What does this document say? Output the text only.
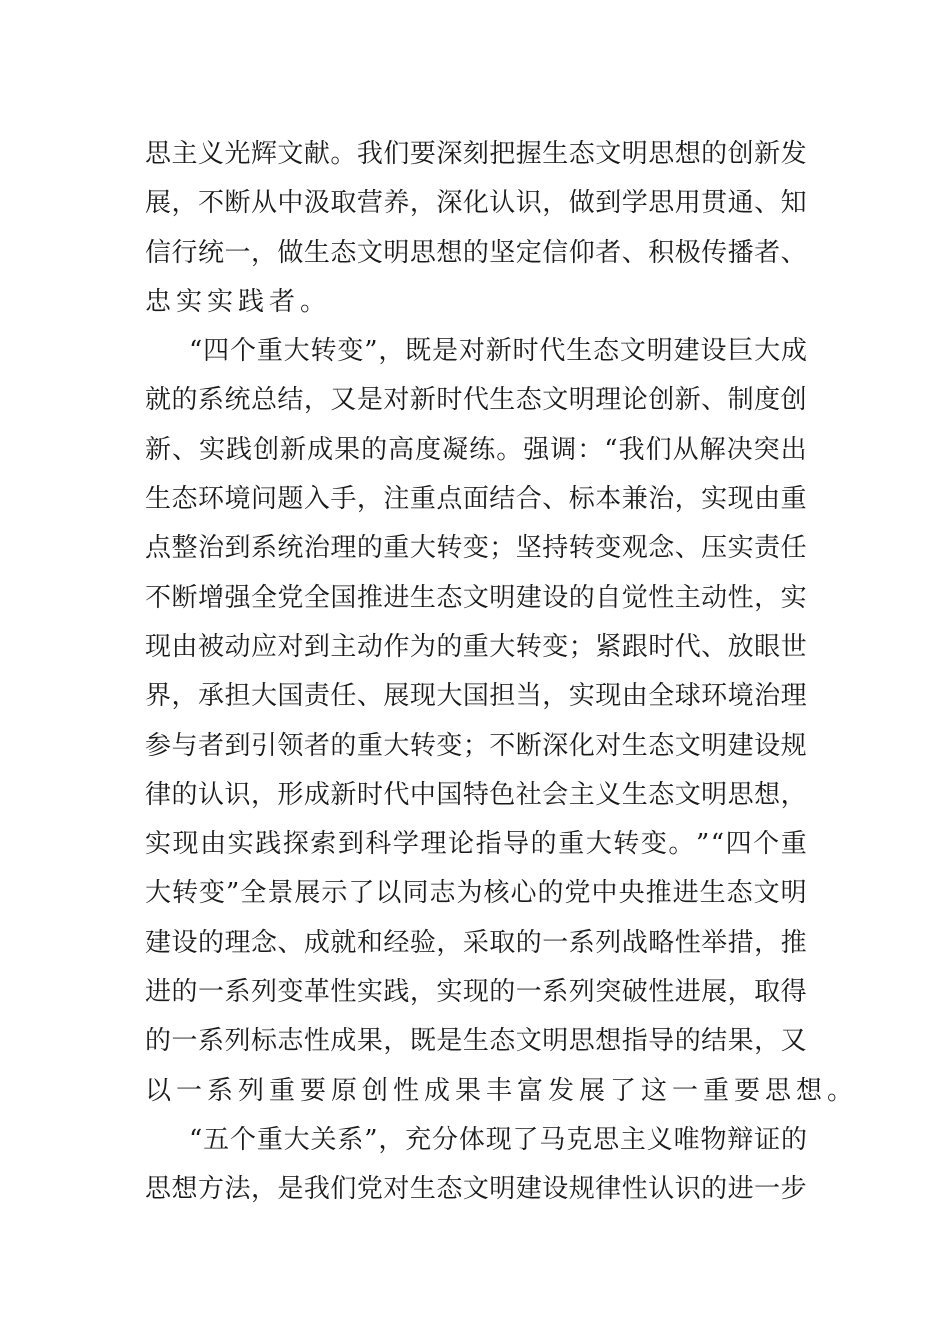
思 主 义 光 辉 文 献 。 我 们 要 深 刻 把 握 生 态 文 明 思 想 的 创 新 发
展 ， 不 断 从 中 汲 取 营 养 ， 深 化 认 识 ， 做 到 学 思 用 贯 通 、 知
信 行 统 一 ， 做 生 态 文 明 思 想 的 坚 定 信 仰 者 、 积 极 传 播 者 、
忠实实践者。
“ 四 个 重 大 转 变 ” ， 既 是 对 新 时 代 生 态 文 明 建 设 巨 大 成
就 的 系 统 总 结 ， 又 是 对 新 时 代 生 态 文 明 理 论 创 新 、 制 度 创
新 、 实 践 创 新 成 果 的 高 度 凝 练 。 强 调 ： “ 我 们 从 解 决 突 出
生 态 环 境 问 题 入 手 ， 注 重 点 面 结 合 、 标 本 兼 治 ， 实 现 由 重
点 整 治 到 系 统 治 理 的 重 大 转 变 ； 坚 持 转 变 观 念 、 压 实 责 任
不 断 增 强 全 党 全 国 推 进 生 态 文 明 建 设 的 自 觉 性 主 动 性 ， 实
现 由 被 动 应 对 到 主 动 作 为 的 重 大 转 变 ； 紧 跟 时 代 、 放 眼 世
界 ， 承 担 大 国 责 任 、 展 现 大 国 担 当 ， 实 现 由 全 球 环 境 治 理
参 与 者 到 引 领 者 的 重 大 转 变 ； 不 断 深 化 对 生 态 文 明 建 设 规
律 的 认 识 ， 形 成 新 时 代 中 国 特 色 社 会 主 义 生 态 文 明 思 想 ，
实 现 由 实 践 探 索 到 科 学 理 论 指 导 的 重 大 转 变 。 ” “ 四 个 重
大 转 变 ” 全 景 展 示 了 以 同 志 为 核 心 的 党 中 央 推 进 生 态 文 明
建 设 的 理 念 、 成 就 和 经 验 ， 采 取 的 一 系 列 战 略 性 举 措 ， 推
进 的 一 系 列 变 革 性 实 践 ， 实 现 的 一 系 列 突 破 性 进 展 ， 取 得
的 一 系 列 标 志 性 成 果 ， 既 是 生 态 文 明 思 想 指 导 的 结 果 ， 又
以一系列重要原创性成果丰富发展了这一重要思想。
“ 五 个 重 大 关 系 ” ， 充 分 体 现 了 马 克 思 主 义 唯 物 辩 证 的
思 想 方 法 ， 是 我 们 党 对 生 态 文 明 建 设 规 律 性 认 识 的 进 一 步
